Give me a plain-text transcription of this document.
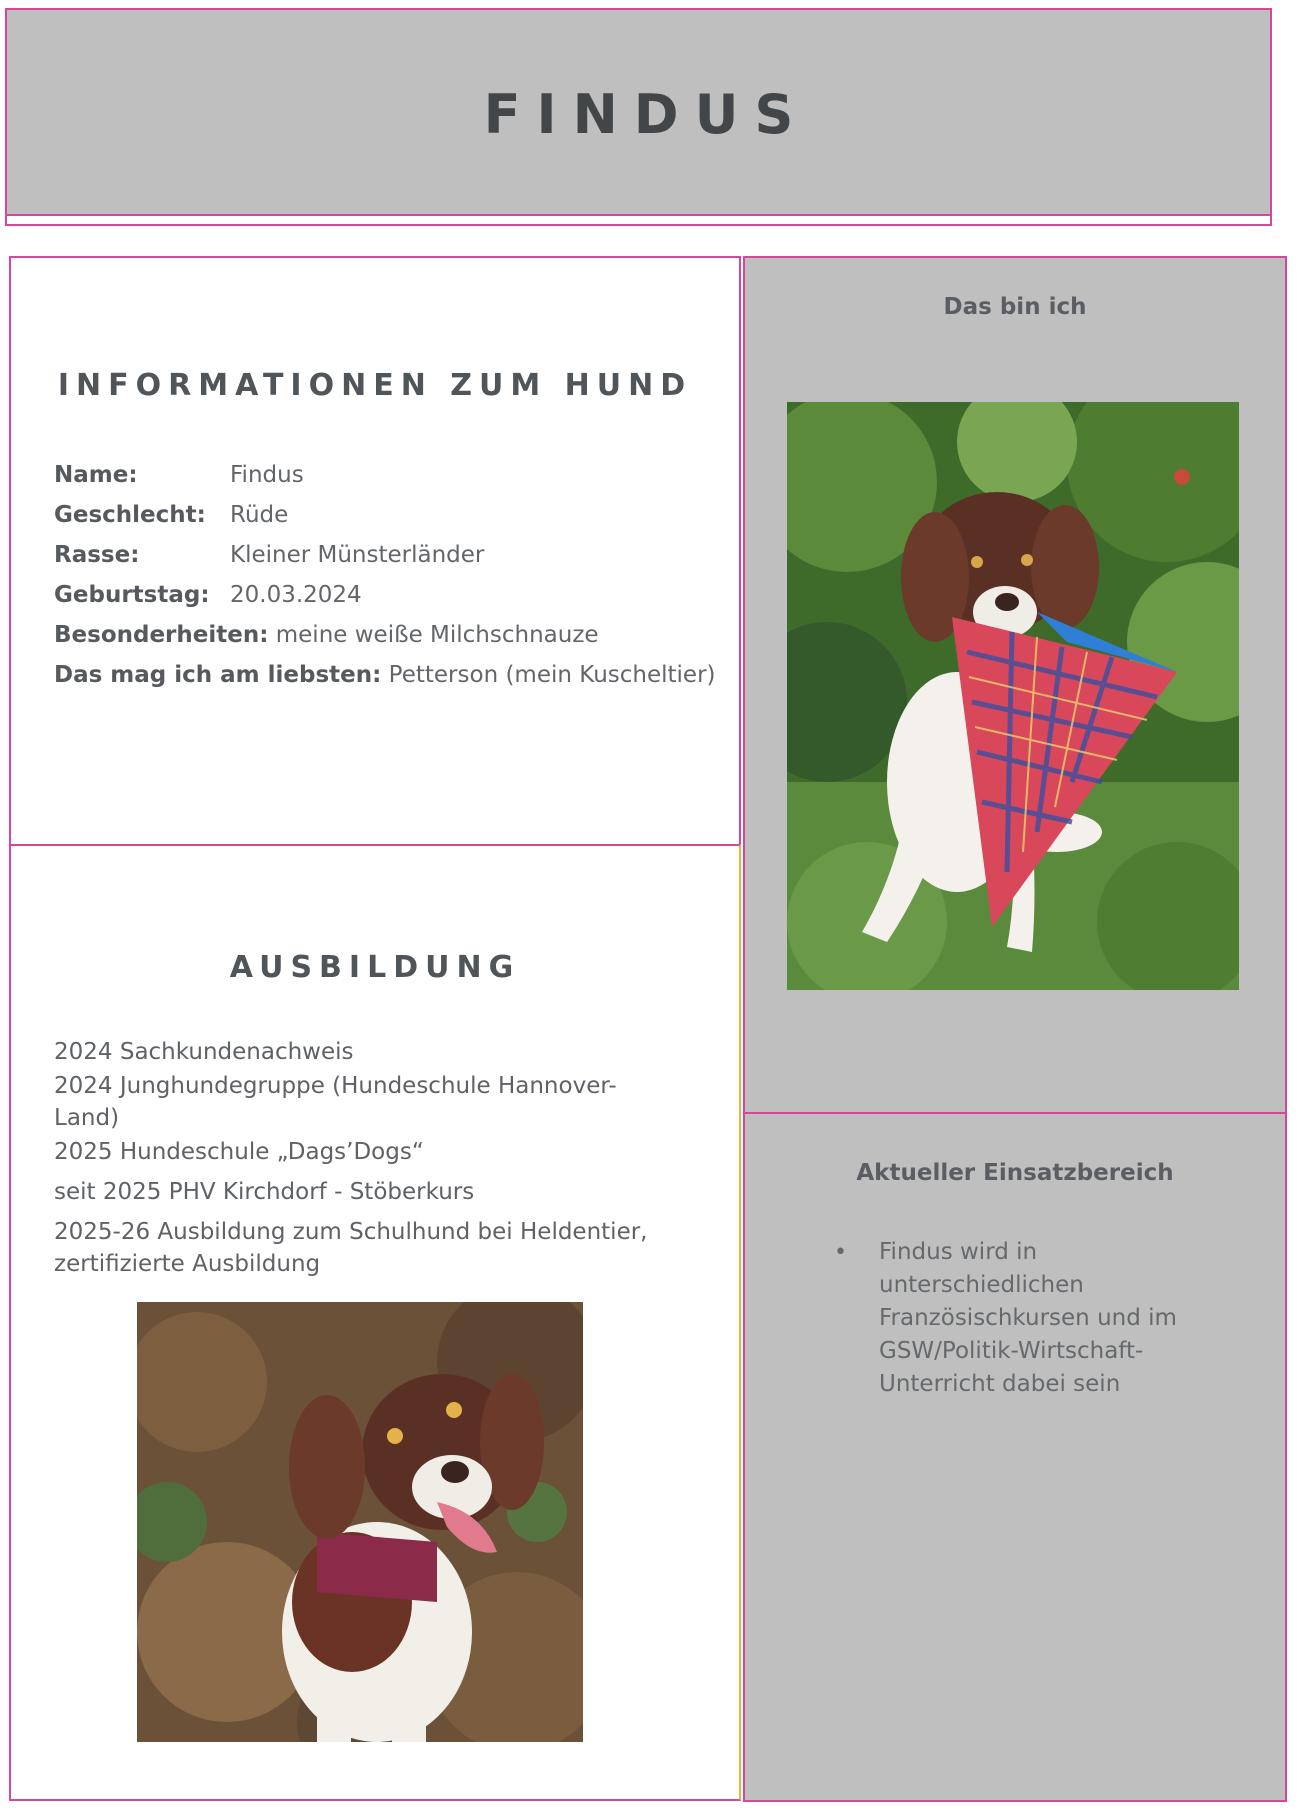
FINDUS
INFORMATIONEN ZUM HUND
Name:	Findus
Geschlecht: Rüde
Rasse:	Kleiner Münsterländer
Geburtstag: 20.03.2024
Besonderheiten: meine weiße Milchschnauze
Das mag ich am liebsten: Petterson (mein Kuscheltier)
AUSBILDUNG
2024 Sachkundenachweis
2024 Junghundegruppe (Hundeschule Hannover-Land)
2025 Hundeschule „Dags’Dogs“
seit 2025 PHV Kirchdorf - Stöberkurs
2025-26 Ausbildung zum Schulhund bei Heldentier, zertifizierte Ausbildung
Das bin ich
Aktueller Einsatzbereich
• Findus wird in unterschiedlichen Französischkursen und im GSW/Politik-Wirtschaft-Unterricht dabei sein
